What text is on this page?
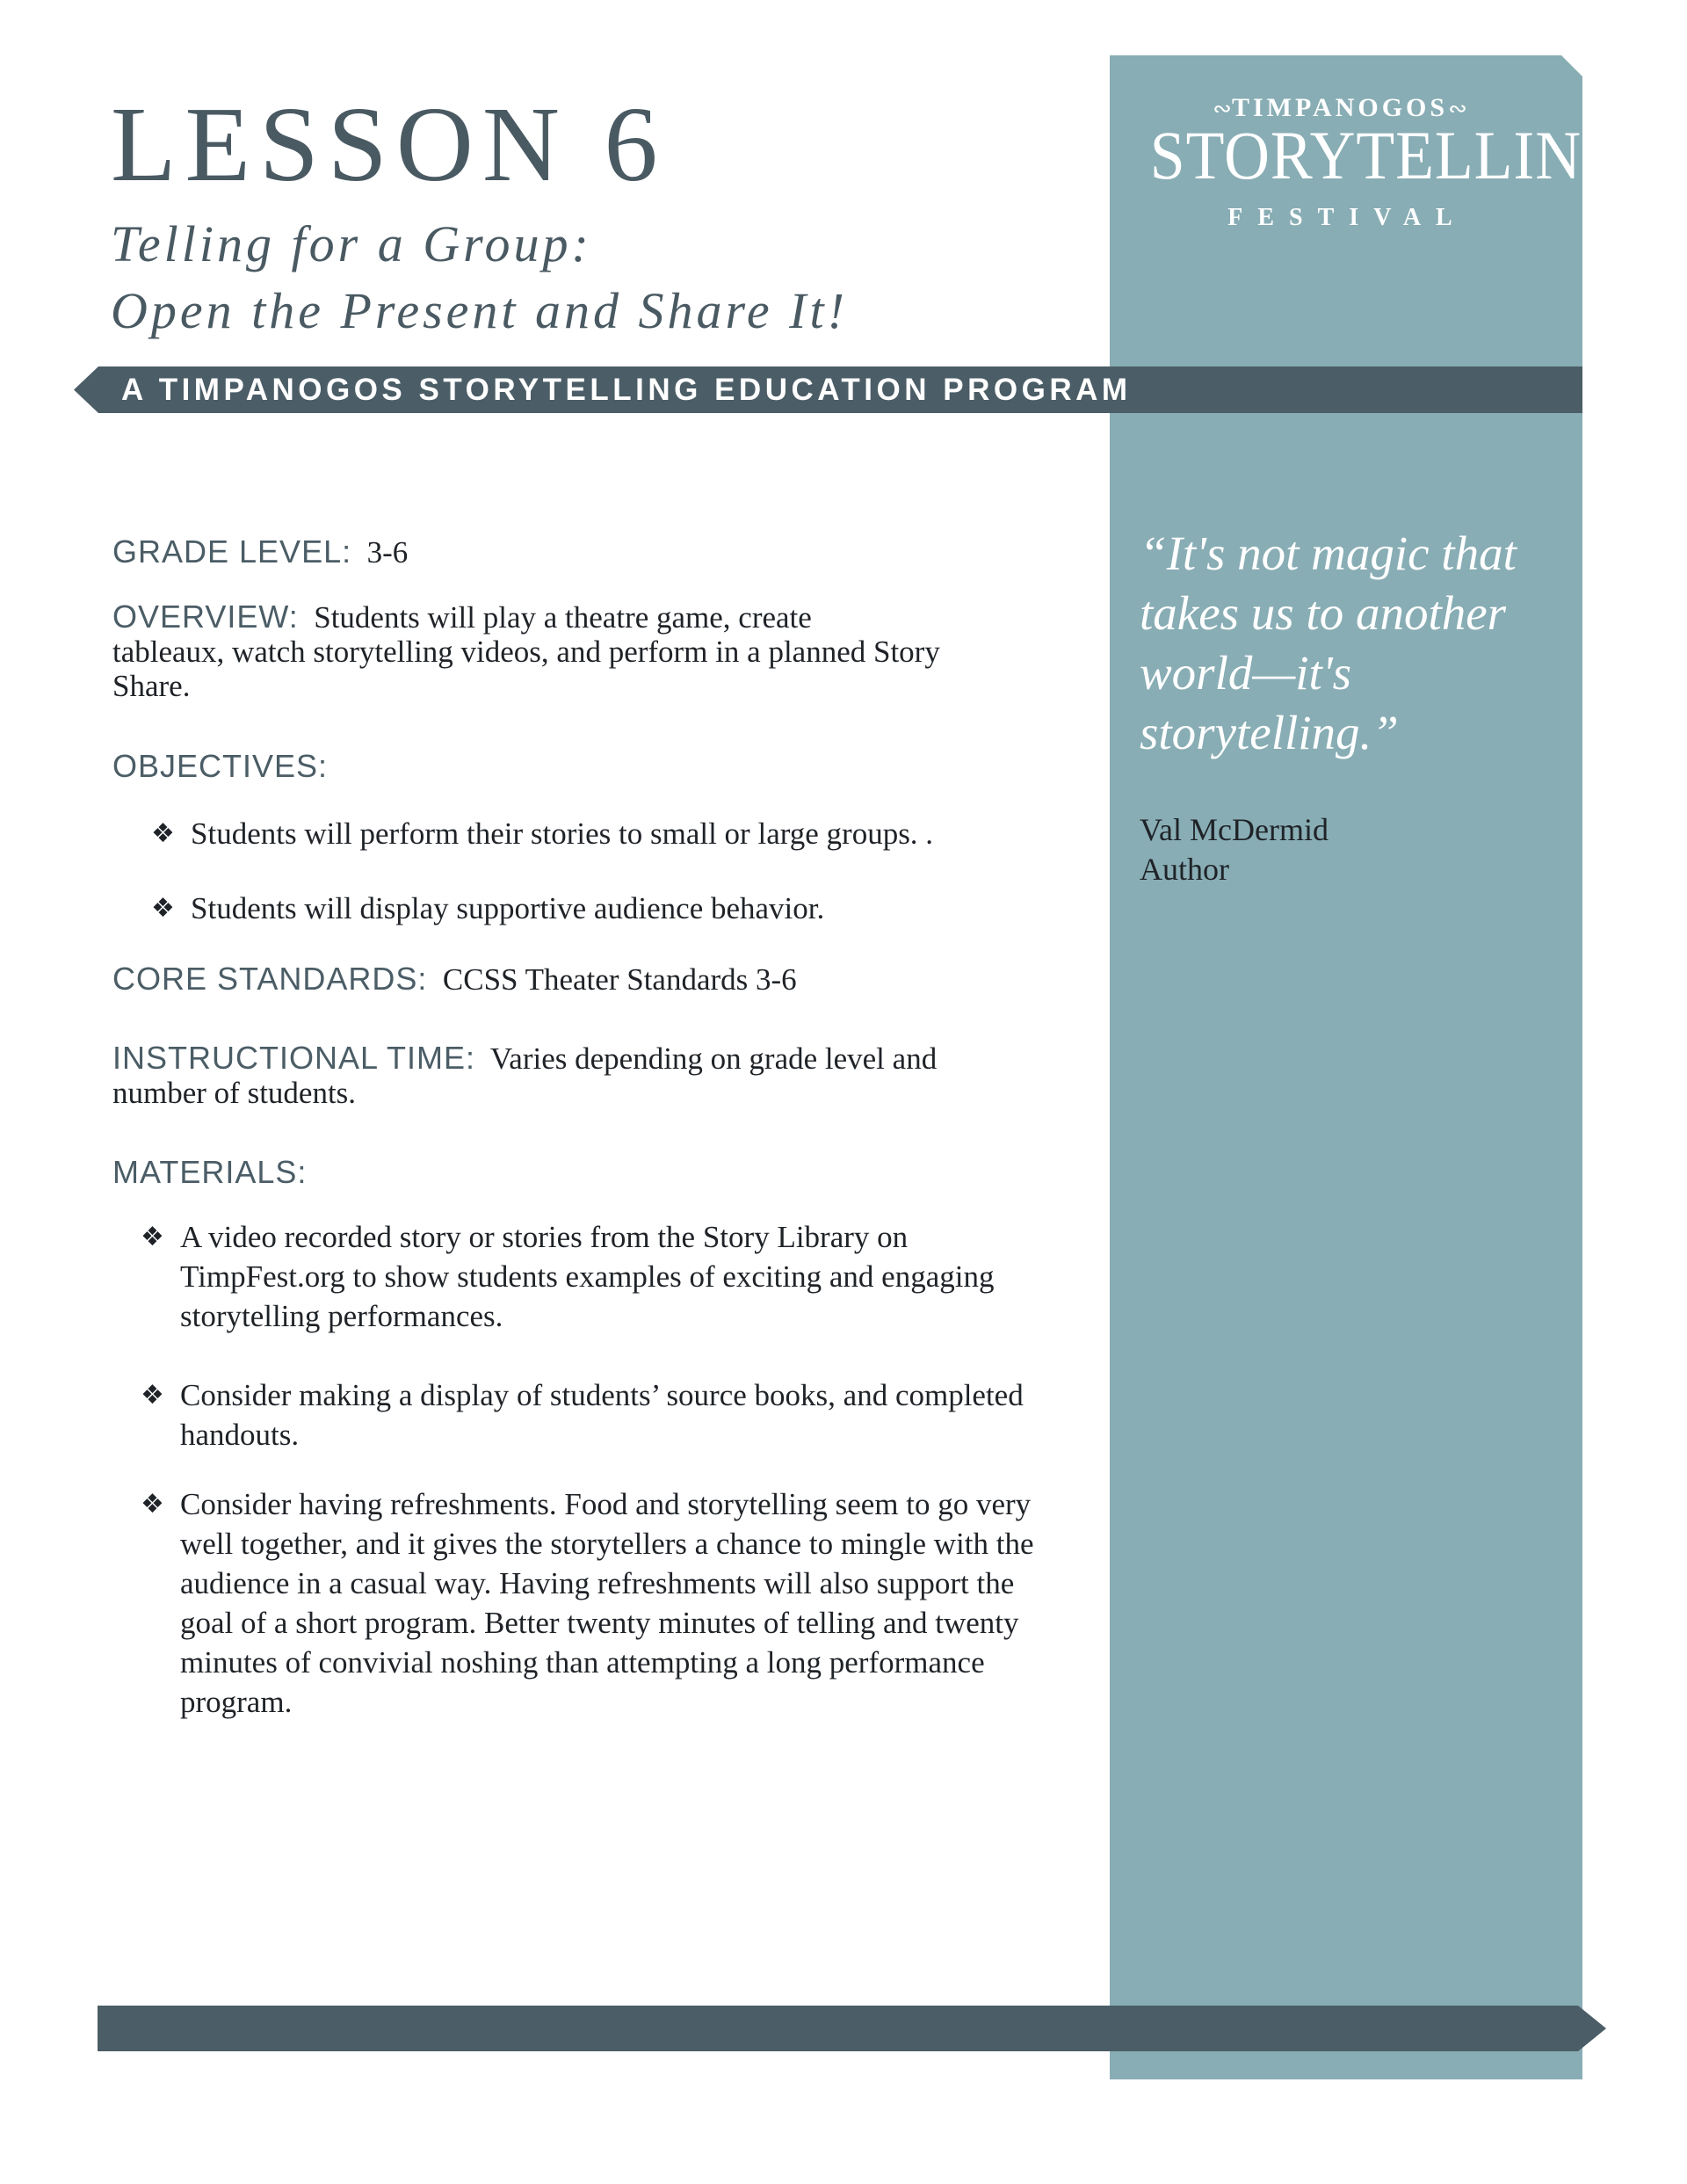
∾TIMPANOGOS∾
STORYTELLING
FESTIVAL
“It's not magic that takes us to another world—it's storytelling.”
Val McDermid
Author
LESSON 6
Telling for a Group:
Open the Present and Share It!
A TIMPANOGOS STORYTELLING EDUCATION PROGRAM
GRADE LEVEL: 3-6
OVERVIEW: Students will play a theatre game, create
tableaux, watch storytelling videos, and perform in a planned Story Share.
OBJECTIVES:
❖ Students will perform their stories to small or large groups. .
❖ Students will display supportive audience behavior.
CORE STANDARDS: CCSS Theater Standards 3-6
INSTRUCTIONAL TIME: Varies depending on grade level and
number of students.
MATERIALS:
❖ A video recorded story or stories from the Story Library on TimpFest.org to show students examples of exciting and engaging storytelling performances.
❖ Consider making a display of students’ source books, and completed handouts.
❖ Consider having refreshments. Food and storytelling seem to go very well together, and it gives the storytellers a chance to mingle with the audience in a casual way. Having refreshments will also support the goal of a short program. Better twenty minutes of telling and twenty minutes of convivial noshing than attempting a long performance program.
